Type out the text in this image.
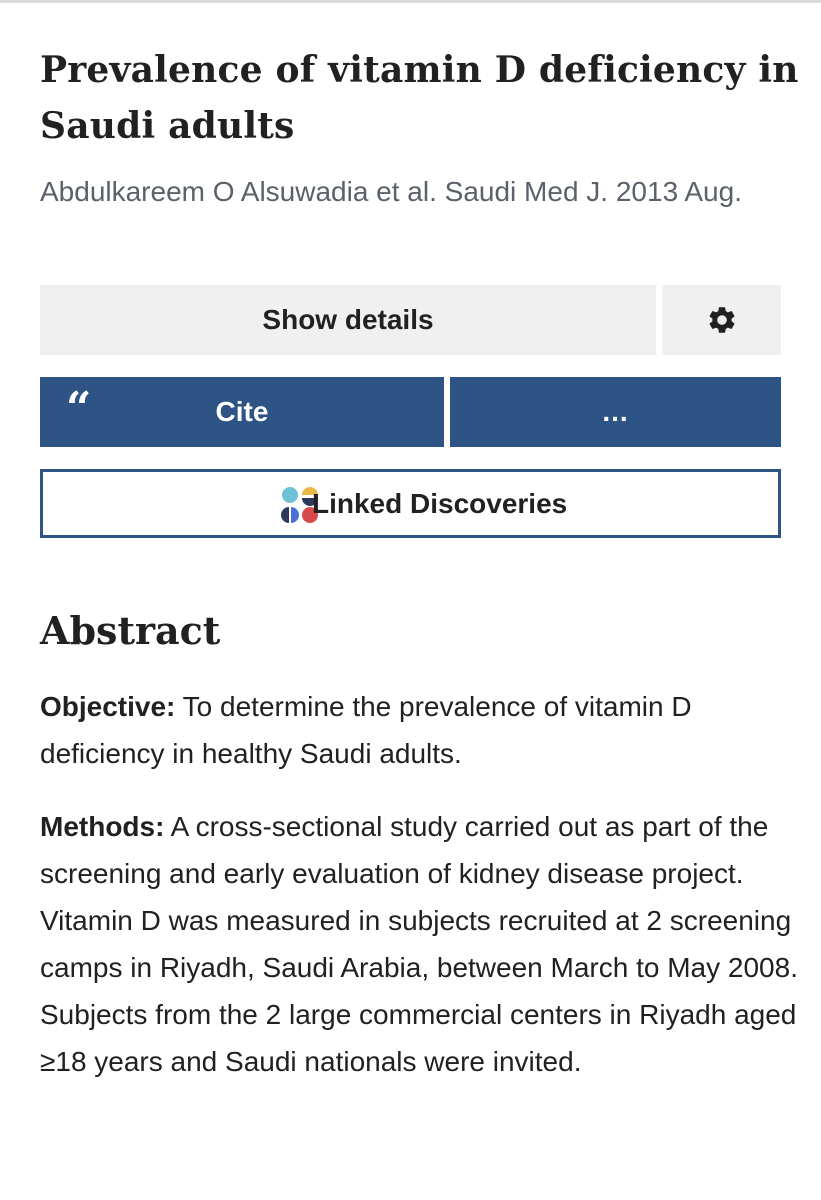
Prevalence of vitamin D deficiency in Saudi adults
Abdulkareem O Alsuwadia et al. Saudi Med J. 2013 Aug.
Show details
“	Cite	...
Linked Discoveries
Abstract

Objective: To determine the prevalence of vitamin D deficiency in healthy Saudi adults.

Methods: A cross-sectional study carried out as part of the screening and early evaluation of kidney disease project. Vitamin D was measured in subjects recruited at 2 screening camps in Riyadh, Saudi Arabia, between March to May 2008. Subjects from the 2 large commercial centers in Riyadh aged ≥18 years and Saudi nationals were invited.
